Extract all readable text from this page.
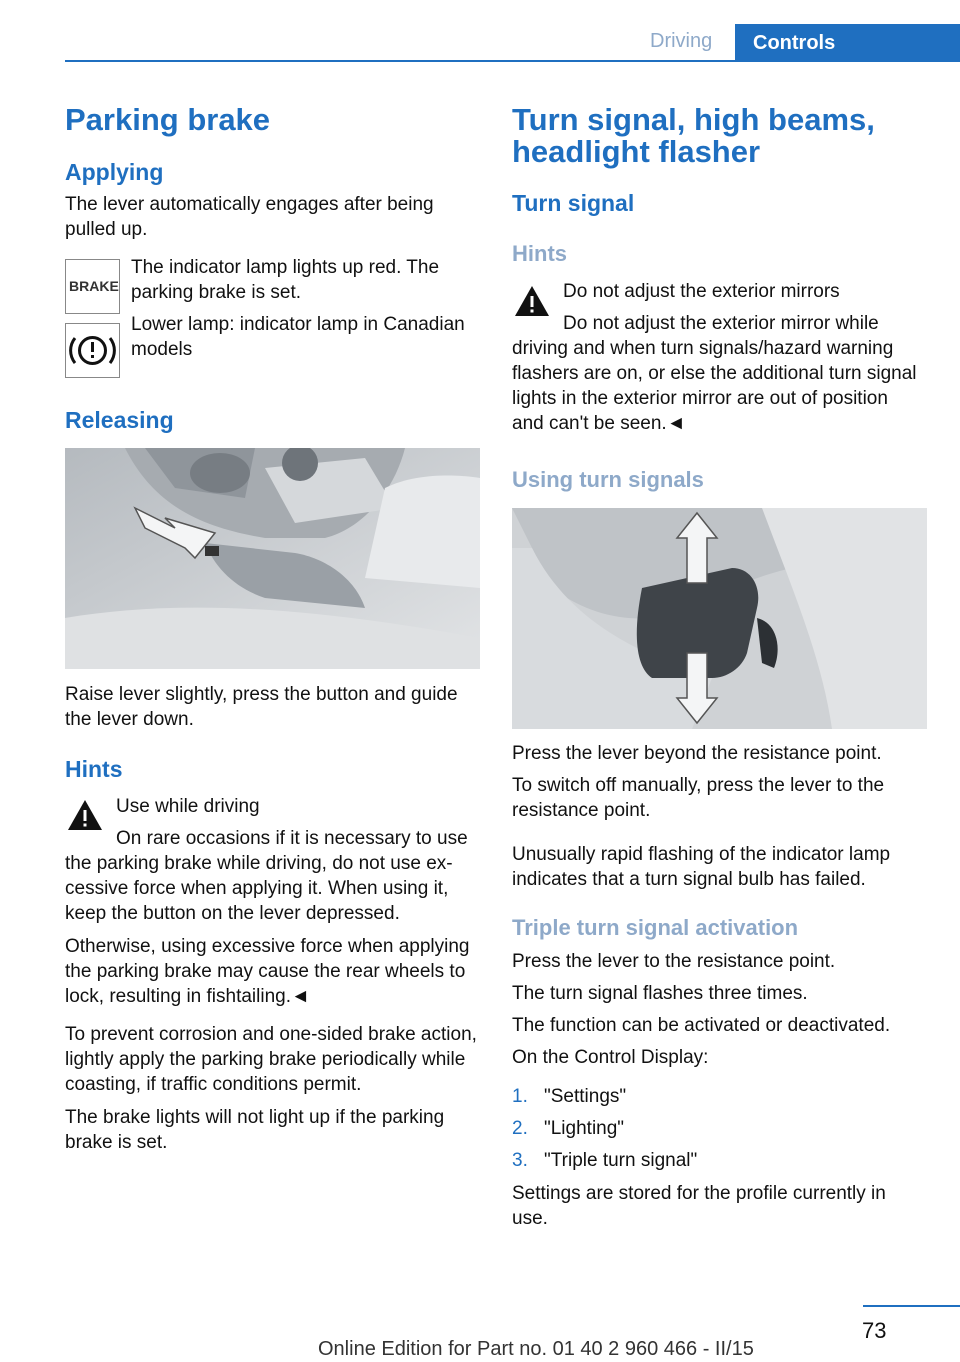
Driving	Controls
Parking brake
Applying
The lever automatically engages after being pulled up.
BRAKE
The indicator lamp lights up red. The parking brake is set.
Lower lamp: indicator lamp in Canadian models
Releasing
Raise lever slightly, press the button and guide the lever down.
Hints
Use while driving
On rare occasions if it is necessary to use the parking brake while driving, do not use excessive force when applying it. When using it, keep the button on the lever depressed.
Otherwise, using excessive force when applying the parking brake may cause the rear wheels to lock, resulting in fishtailing.◄
To prevent corrosion and one-sided brake action, lightly apply the parking brake periodically while coasting, if traffic conditions permit.
The brake lights will not light up if the parking brake is set.
Turn signal, high beams, headlight flasher
Turn signal
Hints
Do not adjust the exterior mirrors
Do not adjust the exterior mirror while driving and when turn signals/hazard warning flashers are on, or else the additional turn signal lights in the exterior mirror are out of position and can't be seen.◄
Using turn signals
Press the lever beyond the resistance point.
To switch off manually, press the lever to the resistance point.
Unusually rapid flashing of the indicator lamp indicates that a turn signal bulb has failed.
Triple turn signal activation
Press the lever to the resistance point.
The turn signal flashes three times.
The function can be activated or deactivated.
On the Control Display:
1. "Settings"
2. "Lighting"
3. "Triple turn signal"
Settings are stored for the profile currently in use.
73
Online Edition for Part no. 01 40 2 960 466 - II/15
